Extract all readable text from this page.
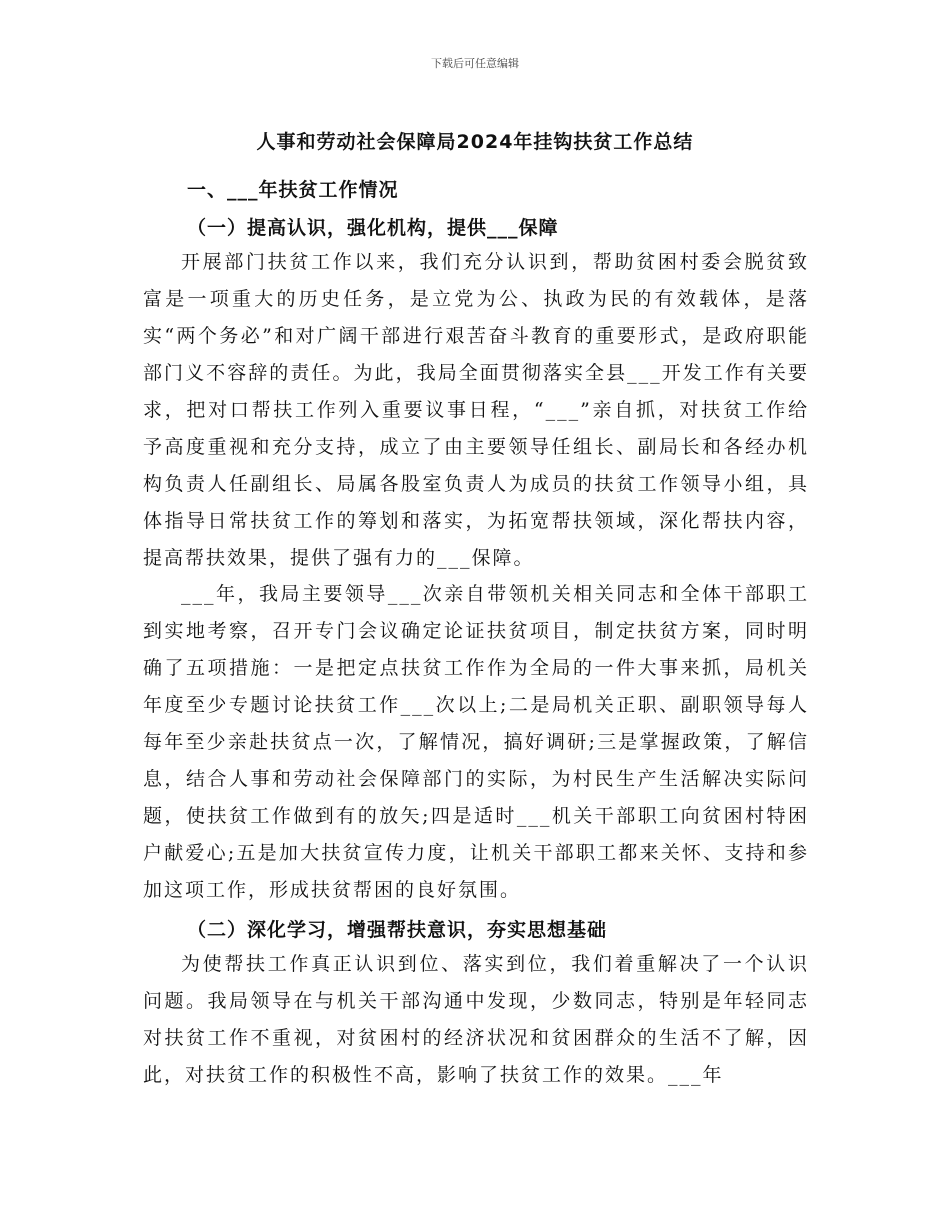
下载后可任意编辑
人事和劳动社会保障局2024年挂钩扶贫工作总结
一、___年扶贫工作情况
（一）提高认识，强化机构，提供___保障
开展部门扶贫工作以来，我们充分认识到，帮助贫困村委会脱贫致富是一项重大的历史任务，是立党为公、执政为民的有效载体，是落实“两个务必”和对广阔干部进行艰苦奋斗教育的重要形式，是政府职能部门义不容辞的责任。为此，我局全面贯彻落实全县___开发工作有关要求，把对口帮扶工作列入重要议事日程，“___”亲自抓，对扶贫工作给予高度重视和充分支持，成立了由主要领导任组长、副局长和各经办机构负责人任副组长、局属各股室负责人为成员的扶贫工作领导小组，具体指导日常扶贫工作的筹划和落实，为拓宽帮扶领域，深化帮扶内容，提高帮扶效果，提供了强有力的___保障。
___年，我局主要领导___次亲自带领机关相关同志和全体干部职工到实地考察，召开专门会议确定论证扶贫项目，制定扶贫方案，同时明确了五项措施：一是把定点扶贫工作作为全局的一件大事来抓，局机关年度至少专题讨论扶贫工作___次以上;二是局机关正职、副职领导每人每年至少亲赴扶贫点一次，了解情况，搞好调研;三是掌握政策，了解信息，结合人事和劳动社会保障部门的实际，为村民生产生活解决实际问题，使扶贫工作做到有的放矢;四是适时___机关干部职工向贫困村特困户献爱心;五是加大扶贫宣传力度，让机关干部职工都来关怀、支持和参加这项工作，形成扶贫帮困的良好氛围。
（二）深化学习，增强帮扶意识，夯实思想基础
为使帮扶工作真正认识到位、落实到位，我们着重解决了一个认识问题。我局领导在与机关干部沟通中发现，少数同志，特别是年轻同志对扶贫工作不重视，对贫困村的经济状况和贫困群众的生活不了解，因此，对扶贫工作的积极性不高，影响了扶贫工作的效果。___年
